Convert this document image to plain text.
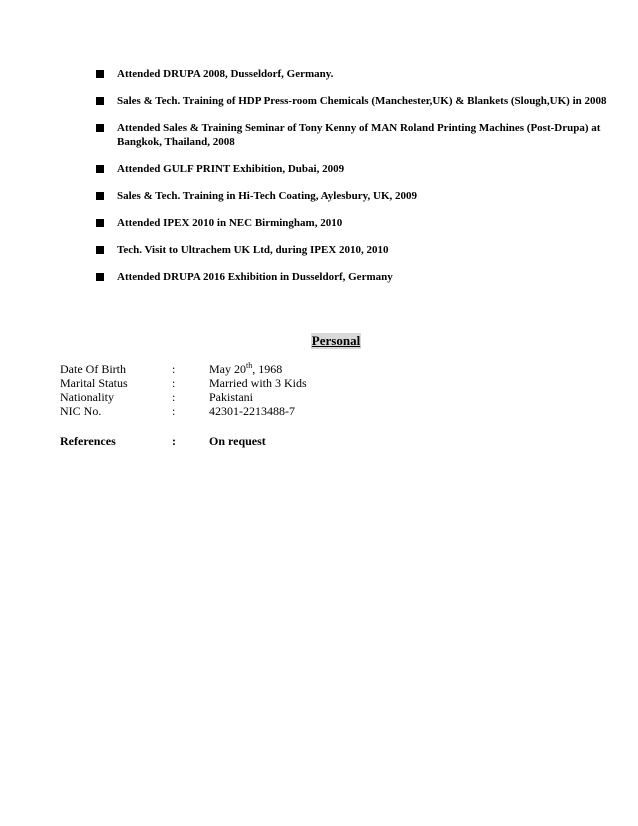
Attended DRUPA 2008, Dusseldorf, Germany.
Sales & Tech. Training of HDP Press-room Chemicals (Manchester,UK) & Blankets (Slough,UK) in 2008
Attended Sales & Training Seminar of Tony Kenny of MAN Roland Printing Machines (Post-Drupa) at Bangkok, Thailand, 2008
Attended GULF PRINT Exhibition, Dubai, 2009
Sales & Tech. Training in Hi-Tech Coating, Aylesbury, UK, 2009
Attended IPEX 2010 in NEC Birmingham, 2010
Tech. Visit to Ultrachem UK Ltd, during IPEX 2010, 2010
Attended DRUPA 2016 Exhibition in Dusseldorf, Germany
Personal
Date Of Birth	:	May 20th, 1968
Marital Status	:	Married with 3 Kids
Nationality	:	Pakistani
NIC No.	:	42301-2213488-7
References	:	On request
